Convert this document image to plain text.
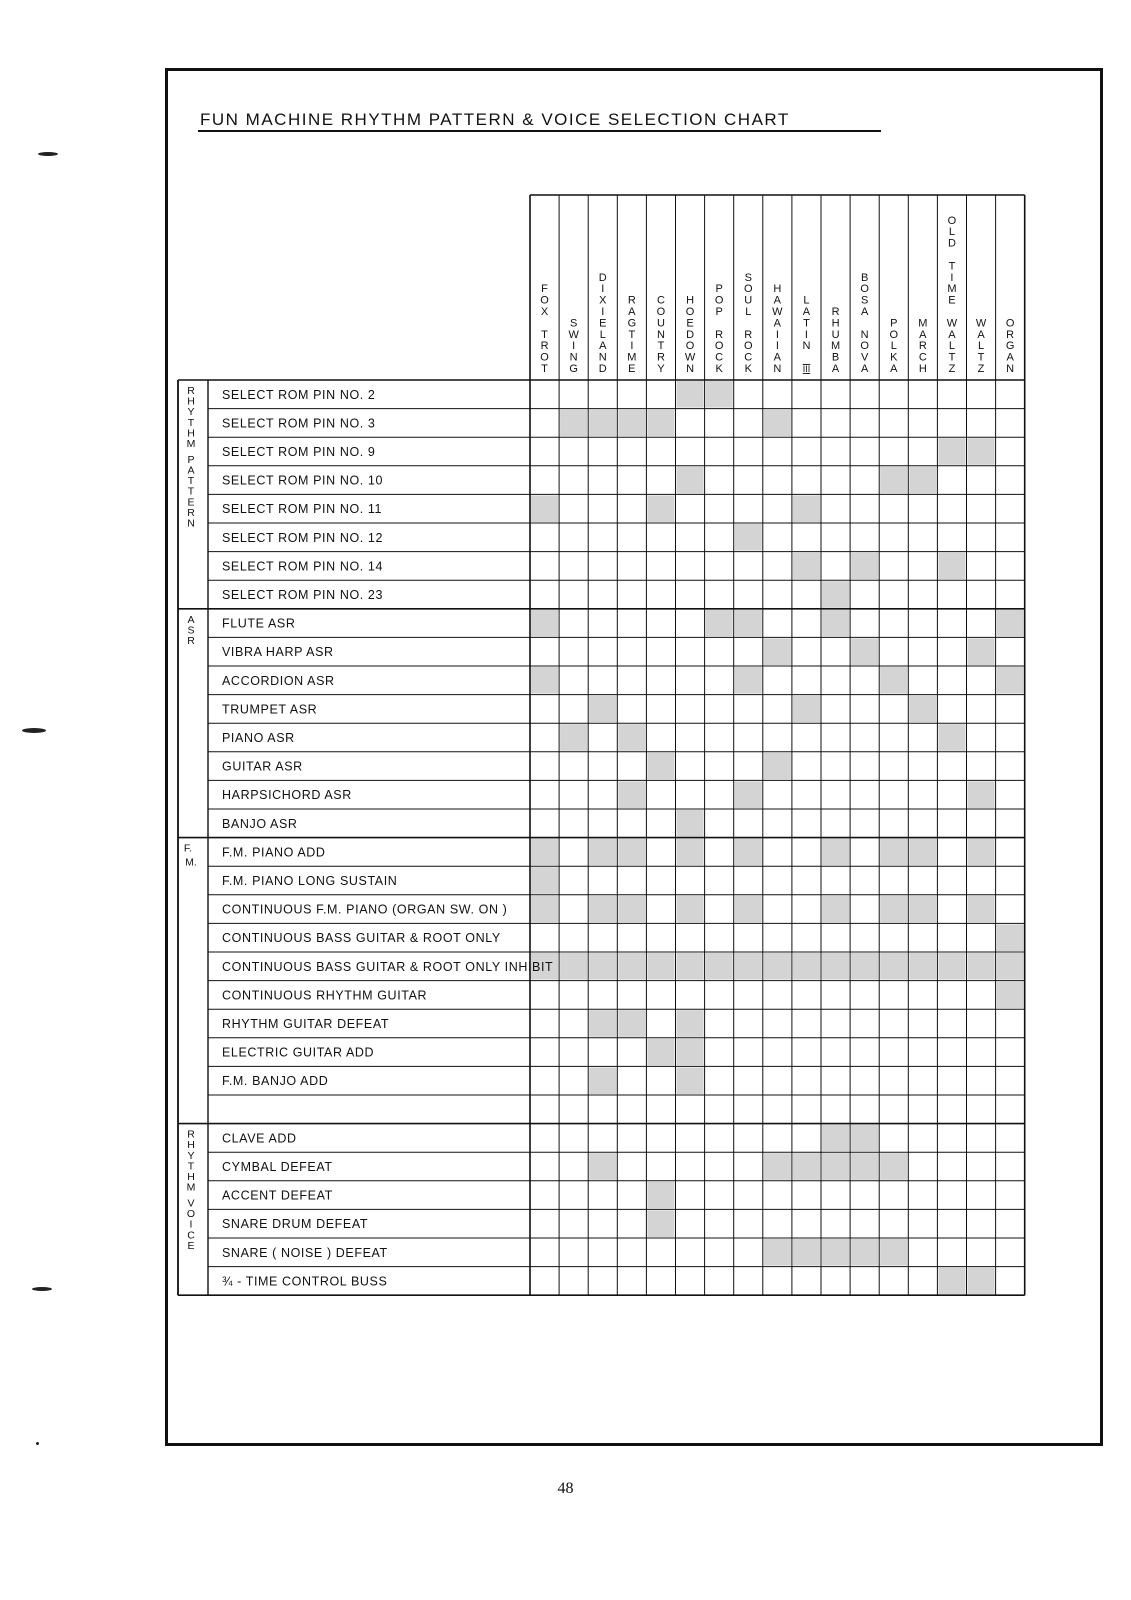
FUN MACHINE RHYTHM PATTERN & VOICE SELECTION CHART
F O X T R O T
S W I N G
D I X I E L A N D
R A G T I M E
C O U N T R Y
H O E D O W N
P O P R O C K
S O U L R O C K
H A W A I I A N
L A T I N III
R H U M B A
B O S A N O V A
P O L K A
M A R C H
O L D T I M E W A L T Z
W A L T Z
O R G A N
SELECT ROM PIN NO. 2
SELECT ROM PIN NO. 3
SELECT ROM PIN NO. 9
SELECT ROM PIN NO. 10
SELECT ROM PIN NO. 11
SELECT ROM PIN NO. 12
SELECT ROM PIN NO. 14
SELECT ROM PIN NO. 23
FLUTE ASR
VIBRA HARP ASR
ACCORDION ASR
TRUMPET ASR
PIANO ASR
GUITAR ASR
HARPSICHORD ASR
BANJO ASR
F.M. PIANO ADD
F.M. PIANO LONG SUSTAIN
CONTINUOUS F.M. PIANO (ORGAN SW. ON )
CONTINUOUS BASS GUITAR & ROOT ONLY
CONTINUOUS BASS GUITAR & ROOT ONLY INHIBIT
CONTINUOUS RHYTHM GUITAR
RHYTHM GUITAR DEFEAT
ELECTRIC GUITAR ADD
F.M. BANJO ADD
CLAVE ADD
CYMBAL DEFEAT
ACCENT DEFEAT
SNARE DRUM DEFEAT
SNARE ( NOISE ) DEFEAT
¾ - TIME CONTROL BUSS
R H Y T H M P A T T E R N
A S R
F. M.
R H Y T H M V O I C E
48
